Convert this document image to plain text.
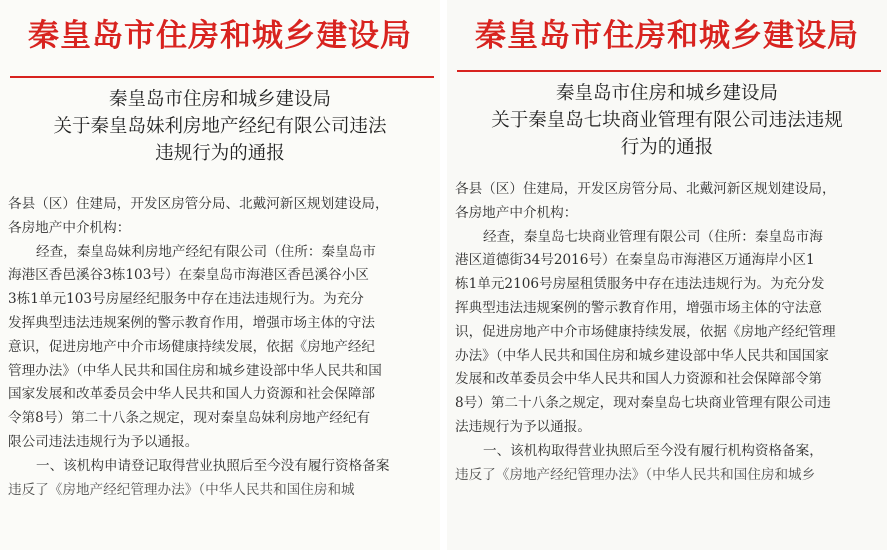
秦皇岛市住房和城乡建设局
秦皇岛市住房和城乡建设局
关于秦皇岛妹利房地产经纪有限公司违法
违规行为的通报
各县（区）住建局，开发区房管分局、北戴河新区规划建设局，
各房地产中介机构：
经查，秦皇岛妹利房地产经纪有限公司（住所：秦皇岛市
海港区香邑溪谷3栋103号）在秦皇岛市海港区香邑溪谷小区
3栋1单元103号房屋经纪服务中存在违法违规行为。为充分
发挥典型违法违规案例的警示教育作用，增强市场主体的守法
意识，促进房地产中介市场健康持续发展，依据《房地产经纪
管理办法》（中华人民共和国住房和城乡建设部中华人民共和国
国家发展和改革委员会中华人民共和国人力资源和社会保障部
令第8号）第二十八条之规定，现对秦皇岛妹利房地产经纪有
限公司违法违规行为予以通报。
一、该机构申请登记取得营业执照后至今没有履行资格备案
违反了《房地产经纪管理办法》（中华人民共和国住房和城
秦皇岛市住房和城乡建设局
秦皇岛市住房和城乡建设局
关于秦皇岛七块商业管理有限公司违法违规
行为的通报
各县（区）住建局，开发区房管分局、北戴河新区规划建设局，
各房地产中介机构：
经查，秦皇岛七块商业管理有限公司（住所：秦皇岛市海
港区道德街34号2016号）在秦皇岛市海港区万通海岸小区1
栋1单元2106号房屋租赁服务中存在违法违规行为。为充分发
挥典型违法违规案例的警示教育作用，增强市场主体的守法意
识，促进房地产中介市场健康持续发展，依据《房地产经纪管理
办法》（中华人民共和国住房和城乡建设部中华人民共和国国家
发展和改革委员会中华人民共和国人力资源和社会保障部令第
8号）第二十八条之规定，现对秦皇岛七块商业管理有限公司违
法违规行为予以通报。
一、该机构取得营业执照后至今没有履行机构资格备案，
违反了《房地产经纪管理办法》（中华人民共和国住房和城乡
